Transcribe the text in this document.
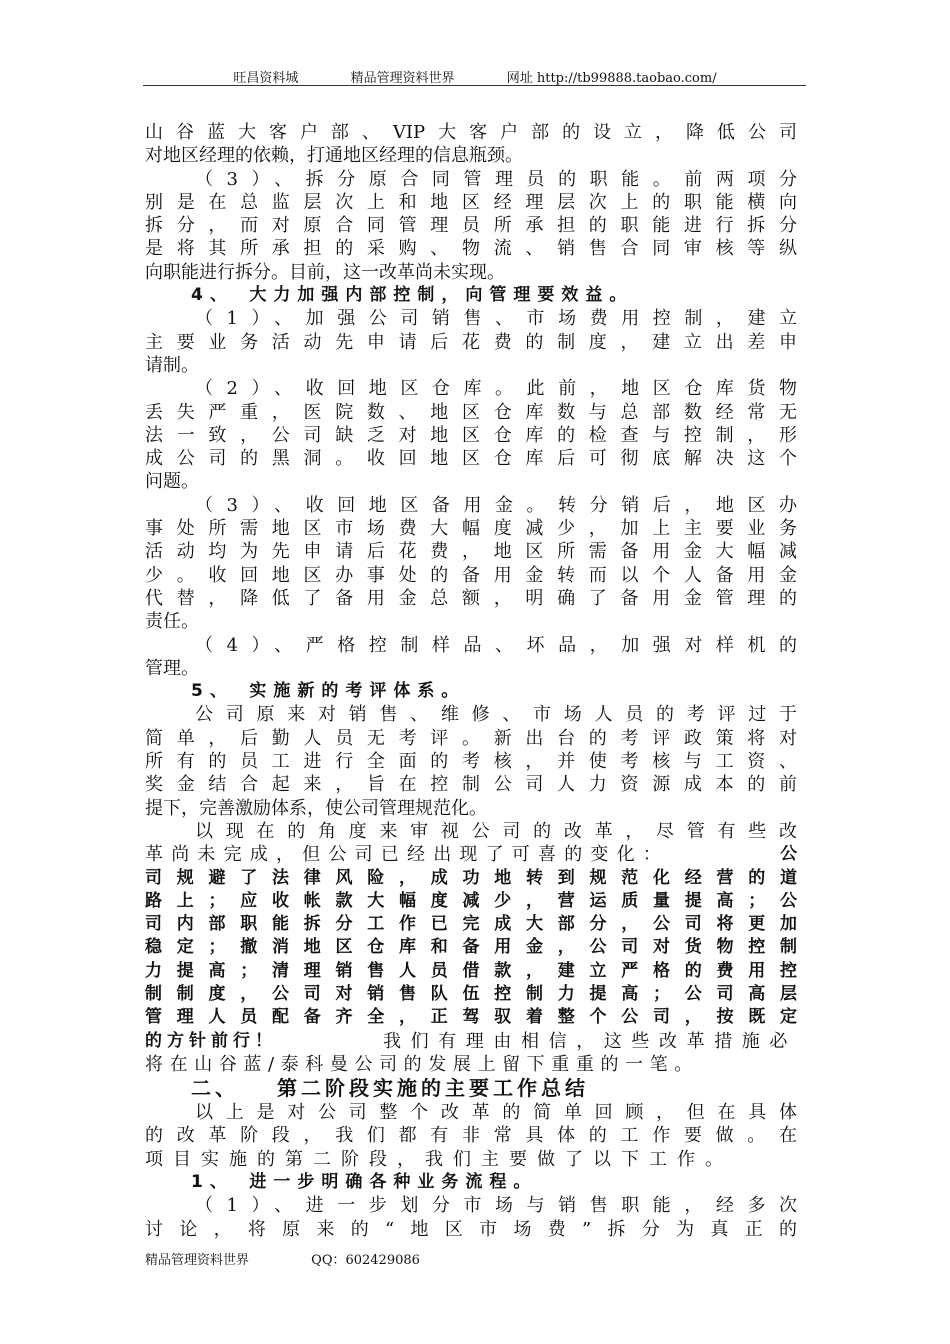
旺昌资料城	精品管理资料世界	网址 http://tb99888.taobao.com/
山谷蓝大客户部、VIP大客户部的设立，降低公司
对地区经理的依赖，打通地区经理的信息瓶颈。
（3）、拆分原合同管理员的职能。前两项分
别是在总监层次上和地区经理层次上的职能横向
拆分，而对原合同管理员所承担的职能进行拆分
是将其所承担的采购、物流、销售合同审核等纵
向职能进行拆分。目前，这一改革尚未实现。
4、　大力加强内部控制，向管理要效益。
（1）、加强公司销售、市场费用控制，建立
主要业务活动先申请后花费的制度，建立出差申
请制。
（2）、收回地区仓库。此前，地区仓库货物
丢失严重，医院数、地区仓库数与总部数经常无
法一致，公司缺乏对地区仓库的检查与控制，形
成公司的黑洞。收回地区仓库后可彻底解决这个
问题。
（3）、收回地区备用金。转分销后，地区办
事处所需地区市场费大幅度减少，加上主要业务
活动均为先申请后花费，地区所需备用金大幅减
少。收回地区办事处的备用金转而以个人备用金
代替，降低了备用金总额，明确了备用金管理的
责任。
（4）、严格控制样品、坏品，加强对样机的
管理。
5、　实施新的考评体系。
公司原来对销售、维修、市场人员的考评过于
简单，后勤人员无考评。新出台的考评政策将对
所有的员工进行全面的考核，并使考核与工资、
奖金结合起来，旨在控制公司人力资源成本的前
提下，完善激励体系，使公司管理规范化。
以现在的角度来审视公司的改革，尽管有些改
革尚未完成，但公司已经出现了可喜的变化：	公
司规避了法律风险，成功地转到规范化经营的道
路上；应收帐款大幅度减少，营运质量提高；公
司内部职能拆分工作已完成大部分，公司将更加
稳定；撤消地区仓库和备用金，公司对货物控制
力提高；清理销售人员借款，建立严格的费用控
制制度，公司对销售队伍控制力提高；公司高层
管理人员配备齐全，正驾驭着整个公司，按既定
的方针前行！	我们有理由相信，这些改革措施必
将在山谷蓝/泰科曼公司的发展上留下重重的一笔。
二、　　第二阶段实施的主要工作总结
以上是对公司整个改革的简单回顾，但在具体
的改革阶段，我们都有非常具体的工作要做。在
项目实施的第二阶段，我们主要做了以下工作。
1、　进一步明确各种业务流程。
（1）、进一步划分市场与销售职能，经多次
讨论，将原来的“地区市场费”拆分为真正的
精品管理资料世界	QQ：602429086
